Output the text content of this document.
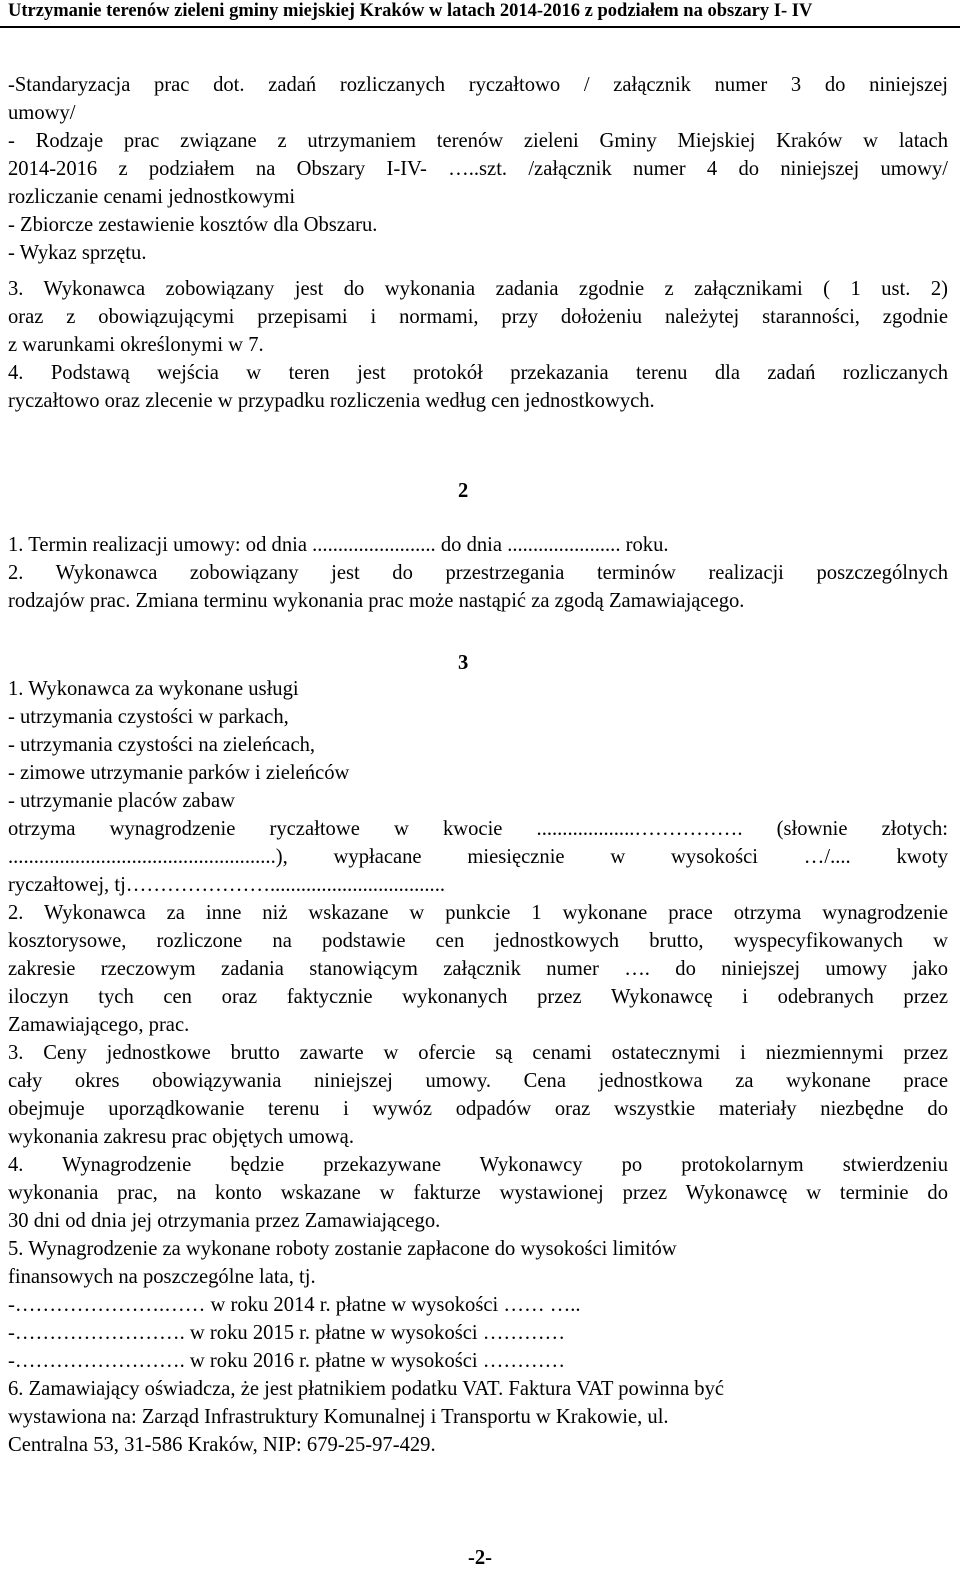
Utrzymanie terenów zieleni gminy miejskiej Kraków w latach 2014-2016 z podziałem na obszary I- IV
-Standaryzacja prac dot. zadań rozliczanych ryczałtowo / załącznik numer 3 do niniejszej
umowy/
- Rodzaje prac związane z utrzymaniem terenów zieleni Gminy Miejskiej Kraków w latach
2014-2016 z podziałem na Obszary I-IV- …..szt. /załącznik numer 4 do niniejszej umowy/
rozliczanie cenami jednostkowymi
- Zbiorcze zestawienie kosztów dla Obszaru.
- Wykaz sprzętu.
3. Wykonawca zobowiązany jest do wykonania zadania zgodnie z załącznikami ( 1 ust. 2)
oraz z obowiązującymi przepisami i normami, przy dołożeniu należytej staranności, zgodnie
z warunkami określonymi w 7.
4. Podstawą wejścia w teren jest protokół przekazania terenu dla zadań rozliczanych
ryczałtowo oraz zlecenie w przypadku rozliczenia według cen jednostkowych.
2
1. Termin realizacji umowy: od dnia ........................ do dnia ...................... roku.
2. Wykonawca zobowiązany jest do przestrzegania terminów realizacji poszczególnych
rodzajów prac. Zmiana terminu wykonania prac może nastąpić za zgodą Zamawiającego.
3
1. Wykonawca za wykonane usługi
- utrzymania czystości w parkach,
- utrzymania czystości na zieleńcach,
- zimowe utrzymanie parków i zieleńców
- utrzymanie placów zabaw
otrzyma wynagrodzenie ryczałtowe w kwocie ...................……………. (słownie złotych:
....................................................), wypłacane miesięcznie w wysokości …/.... kwoty
ryczałtowej, tj…………………..................................
2. Wykonawca za inne niż wskazane w punkcie 1 wykonane prace otrzyma wynagrodzenie
kosztorysowe, rozliczone na podstawie cen jednostkowych brutto, wyspecyfikowanych w
zakresie rzeczowym zadania stanowiącym załącznik numer …. do niniejszej umowy jako
iloczyn tych cen oraz faktycznie wykonanych przez Wykonawcę i odebranych przez
Zamawiającego, prac.
3. Ceny jednostkowe brutto zawarte w ofercie są cenami ostatecznymi i niezmiennymi przez
cały okres obowiązywania niniejszej umowy. Cena jednostkowa za wykonane prace
obejmuje uporządkowanie terenu i wywóz odpadów oraz wszystkie materiały niezbędne do
wykonania zakresu prac objętych umową.
4. Wynagrodzenie będzie przekazywane Wykonawcy po protokolarnym stwierdzeniu
wykonania prac, na konto wskazane w fakturze wystawionej przez Wykonawcę w terminie do
30 dni od dnia jej otrzymania przez Zamawiającego.
5. Wynagrodzenie za wykonane roboty zostanie zapłacone do wysokości limitów
finansowych na poszczególne lata, tj.
-………………….…… w roku 2014 r. płatne w wysokości …… …..
-……………………. w roku 2015 r. płatne w wysokości …………
-……………………. w roku 2016 r. płatne w wysokości …………
6. Zamawiający oświadcza, że jest płatnikiem podatku VAT. Faktura VAT powinna być
wystawiona na: Zarząd Infrastruktury Komunalnej i Transportu w Krakowie, ul.
Centralna 53, 31-586 Kraków, NIP: 679-25-97-429.
-2-
